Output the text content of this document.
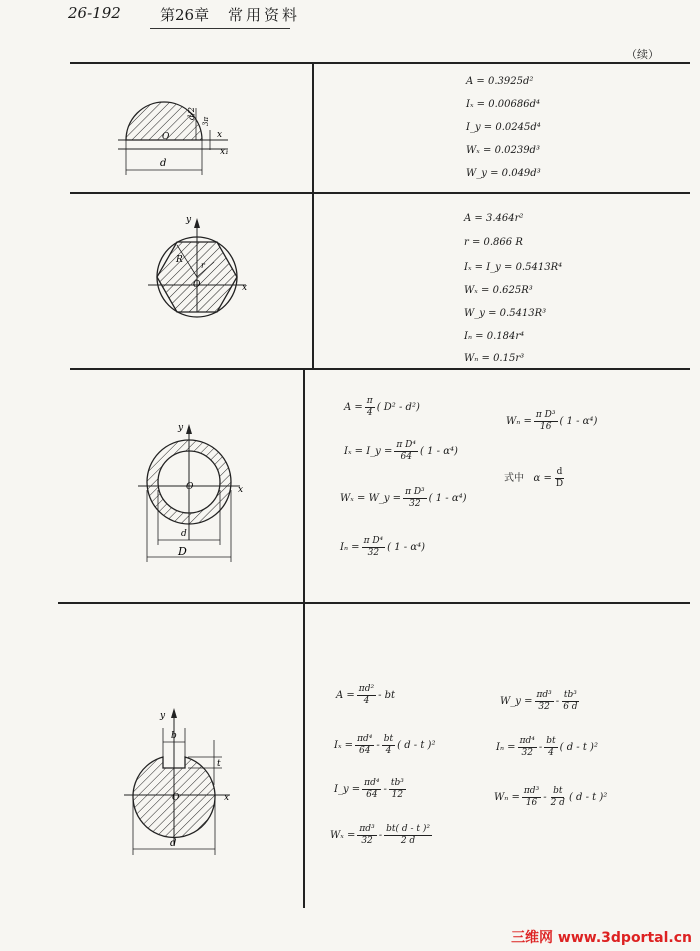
26-192	第26章 常用资料
（续）
d
x
x₁
O
d/2
3π
y
x
O
R
r
y
x
O
d
D
y
x
O
b
t
d
A = 0.3925d²
Iₓ = 0.00686d⁴
I_y = 0.0245d⁴
Wₓ = 0.0239d³
W_y = 0.049d³
A = 3.464r²
r = 0.866 R
Iₓ = I_y = 0.5413R⁴
Wₓ = 0.625R³
W_y = 0.5413R³
Iₙ = 0.184r⁴
Wₙ = 0.15r³
$A = \frac{\pi}{4}$ ( D² - d²)
Iₓ = I_y = $\frac{\text{π D⁴}}{64}$ ( 1 - α⁴)
Wₓ = W_y = $\frac{\text{π D³}}{32}$ ( 1 - α⁴)
$I_n = \frac{\text{π D⁴}}{32}$ ( 1 - α⁴)
$W_n = \frac{\text{π D³}}{16}$ ( 1 - α⁴)
式中 $\alpha = \frac{d}{D}$
$A = \frac{\text{πd²}}{4}$ - bt
$I_x = \frac{\text{πd⁴}}{64} - \frac{bt}{4}$ ( d - t )²
I_y = $\frac{\text{πd⁴}}{64} - \frac{\text{tb³}}{12}$
$W_x = \frac{\text{πd³}}{32} - \frac{\text{bt( d - t )²}}{2 d}$
W_y = $\frac{\text{πd³}}{32} - \frac{\text{tb³}}{6 d}$
$I_n = \frac{\text{πd⁴}}{32} - \frac{bt}{4}$ ( d - t )²
$W_n = \frac{\text{πd³}}{16} - \frac{bt}{2 d}$ ( d - t )²
三维网 www.3dportal.cn
